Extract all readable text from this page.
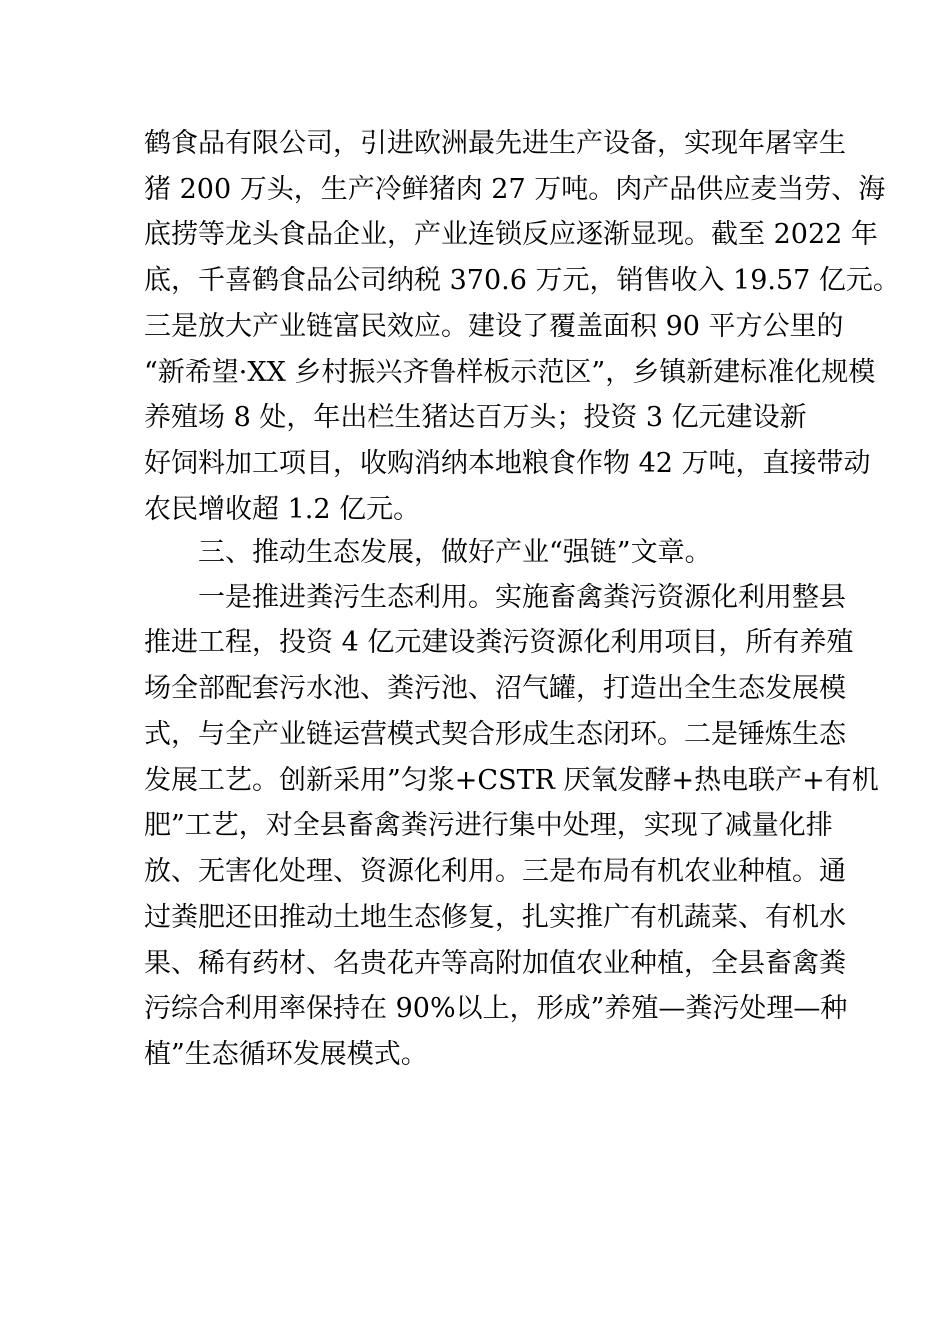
鹤食品有限公司，引进欧洲最先进生产设备，实现年屠宰生
猪 200 万头，生产冷鲜猪肉 27 万吨。肉产品供应麦当劳、海
底捞等龙头食品企业，产业连锁反应逐渐显现。截至 2022 年
底，千喜鹤食品公司纳税 370.6 万元，销售收入 19.57 亿元。
三是放大产业链富民效应。建设了覆盖面积 90 平方公里的
“新希望·XX 乡村振兴齐鲁样板示范区”，乡镇新建标准化规模
养殖场 8 处，年出栏生猪达百万头；投资 3 亿元建设新
好饲料加工项目，收购消纳本地粮食作物 42 万吨，直接带动
农民增收超 1.2 亿元。
三、推动生态发展，做好产业“强链”文章。
一是推进粪污生态利用。实施畜禽粪污资源化利用整县
推进工程，投资 4 亿元建设粪污资源化利用项目，所有养殖
场全部配套污水池、粪污池、沼气罐，打造出全生态发展模
式，与全产业链运营模式契合形成生态闭环。二是锤炼生态
发展工艺。创新采用”匀浆+CSTR 厌氧发酵+热电联产+有机
肥”工艺，对全县畜禽粪污进行集中处理，实现了减量化排
放、无害化处理、资源化利用。三是布局有机农业种植。通
过粪肥还田推动土地生态修复，扎实推广有机蔬菜、有机水
果、稀有药材、名贵花卉等高附加值农业种植，全县畜禽粪
污综合利用率保持在 90%以上，形成”养殖—粪污处理—种
植”生态循环发展模式。
